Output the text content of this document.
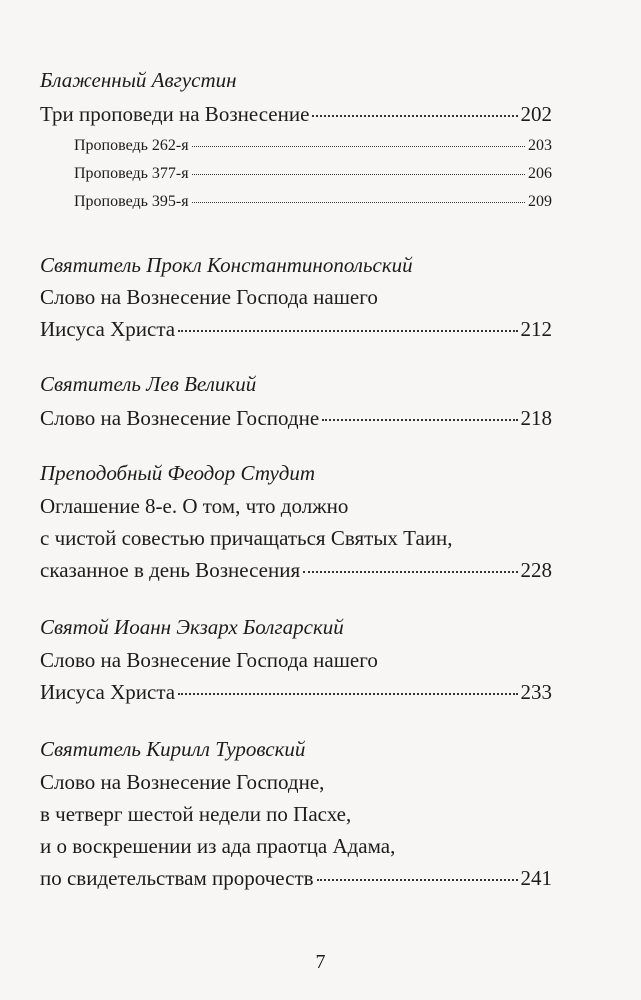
Блаженный Августин
Три проповеди на Вознесение	202
Проповедь 262-я	203
Проповедь 377-я	206
Проповедь 395-я	209
Святитель Прокл Константинопольский
Слово на Вознесение Господа нашего
Иисуса Христа	212
Святитель Лев Великий
Слово на Вознесение Господне	218
Преподобный Феодор Студит
Оглашение 8-е. О том, что должно
с чистой совестью причащаться Святых Таин,
сказанное в день Вознесения	228
Святой Иоанн Экзарх Болгарский
Слово на Вознесение Господа нашего
Иисуса Христа	233
Святитель Кирилл Туровский
Слово на Вознесение Господне,
в четверг шестой недели по Пасхе,
и о воскрешении из ада праотца Адама,
по свидетельствам пророчеств	241
7
